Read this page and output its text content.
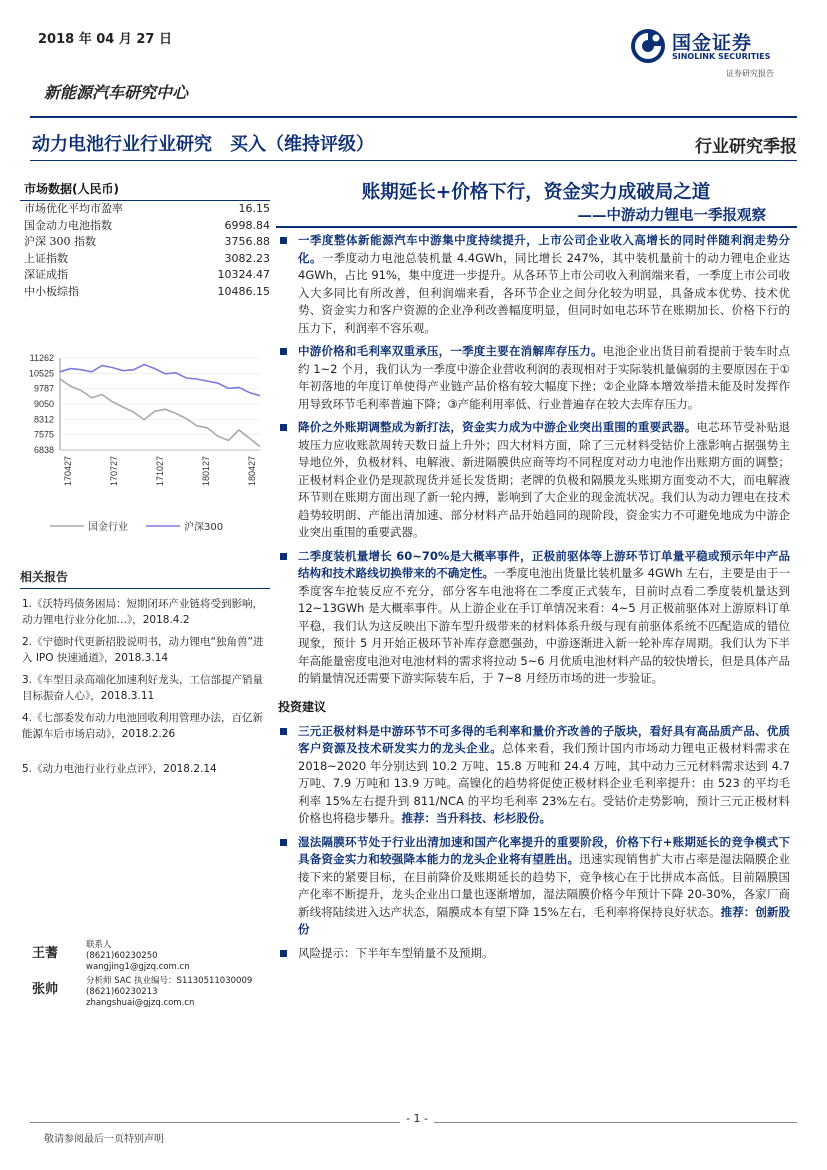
2018 年 04 月 27 日	国金证券
SINOLINK SECURITIES
证券研究报告
新能源汽车研究中心
动力电池行业行业研究 买入（维持评级）	行业研究季报
市场数据(人民币)
市场优化平均市盈率	16.15
国金动力电池指数	6998.84
沪深 300 指数	3756.88
上证指数	3082.23
深证成指	10324.47
中小板综指	10486.15
11262
10525
9787
9050
8312
7575
6838
170427	170727	171027	180127	180427
国金行业	沪深300
相关报告
1.《沃特玛债务困局：短期闭环产业链将受到影响，动力锂电行业分化加…》，2018.4.2
2.《宁德时代更新招股说明书，动力锂电“独角兽”进入 IPO 快速通道》，2018.3.14
3.《车型目录高端化加速利好龙头，工信部提产销量目标振奋人心》，2018.3.11
4.《七部委发布动力电池回收利用管理办法，百亿新能源车后市场启动》，2018.2.26
5.《动力电池行业行业点评》，2018.2.14
王蓍
联系人
(8621)60230250
wangjing1@gjzq.com.cn
张帅
分析师 SAC 执业编号：S1130511030009
(8621)60230213
zhangshuai@gjzq.com.cn
账期延长+价格下行，资金实力成破局之道
——中游动力锂电一季报观察
一季度整体新能源汽车中游集中度持续提升，上市公司企业收入高增长的同时伴随利润走势分化。一季度动力电池总装机量 4.4GWh，同比增长 247%，其中装机量前十的动力锂电企业达 4GWh，占比 91%，集中度进一步提升。从各环节上市公司收入利润端来看，一季度上市公司收入大多同比有所改善，但利润端来看，各环节企业之间分化较为明显，具备成本优势、技术优势、资金实力和客户资源的企业净利改善幅度明显，但同时如电芯环节在账期加长、价格下行的压力下，利润率不容乐观。
中游价格和毛利率双重承压，一季度主要在消解库存压力。电池企业出货目前看提前于装车时点约 1~2 个月，我们认为一季度中游企业营收利润的表现相对于实际装机量偏弱的主要原因在于①年初落地的年度订单使得产业链产品价格有较大幅度下挫；②企业降本增效举措未能及时发挥作用导致环节毛利率普遍下降；③产能利用率低、行业普遍存在较大去库存压力。
降价之外账期调整成为新打法，资金实力成为中游企业突出重围的重要武器。电芯环节受补贴退坡压力应收账款周转天数日益上升外；四大材料方面，除了三元材料受钴价上涨影响占据强势主导地位外，负极材料、电解液、新进隔膜供应商等均不同程度对动力电池作出账期方面的调整；正极材料企业仍是现款现货并延长发货期；老牌的负极和隔膜龙头账期方面变动不大，而电解液环节则在账期方面出现了新一轮内搏，影响到了大企业的现金流状况。我们认为动力锂电在技术趋势较明朗、产能出清加速、部分材料产品开始趋同的现阶段，资金实力不可避免地成为中游企业突出重围的重要武器。
二季度装机量增长 60~70%是大概率事件，正极前驱体等上游环节订单量平稳或预示年中产品结构和技术路线切换带来的不确定性。一季度电池出货量比装机量多 4GWh 左右，主要是由于一季度客车抢装反应不充分，部分客车电池将在二季度正式装车，目前时点看二季度装机量达到 12~13GWh 是大概率事件。从上游企业在手订单情况来看：4~5 月正极前驱体对上游原料订单平稳，我们认为这反映出下游车型升级带来的材料体系升级与现有前驱体系统不匹配造成的错位现象，预计 5 月开始正极环节补库存意愿强劲，中游逐渐进入新一轮补库存周期。我们认为下半年高能量密度电池对电池材料的需求将拉动 5~6 月优质电池材料产品的较快增长，但是具体产品的销量情况还需要下游实际装车后，于 7~8 月经历市场的进一步验证。
投资建议
三元正极材料是中游环节不可多得的毛利率和量价齐改善的子版块，看好具有高品质产品、优质客户资源及技术研发实力的龙头企业。总体来看，我们预计国内市场动力锂电正极材料需求在 2018~2020 年分别达到 10.2 万吨、15.8 万吨和 24.4 万吨，其中动力三元材料需求达到 4.7 万吨、7.9 万吨和 13.9 万吨。高镍化的趋势将促使正极材料企业毛利率提升：由 523 的平均毛利率 15%左右提升到 811/NCA 的平均毛利率 23%左右。受钴价走势影响，预计三元正极材料价格也将稳步攀升。推荐：当升科技、杉杉股份。
湿法隔膜环节处于行业出清加速和国产化率提升的重要阶段，价格下行+账期延长的竞争模式下具备资金实力和较强降本能力的龙头企业将有望胜出。迅速实现销售扩大市占率是湿法隔膜企业接下来的紧要目标，在目前降价及账期延长的趋势下，竞争核心在于比拼成本高低。目前隔膜国产化率不断提升，龙头企业出口量也逐渐增加，湿法隔膜价格今年预计下降 20-30%，各家厂商新线将陆续进入达产状态，隔膜成本有望下降 15%左右，毛利率将保持良好状态。推荐：创新股份
风险提示：下半年车型销量不及预期。
- 1 -
敬请参阅最后一页特别声明
